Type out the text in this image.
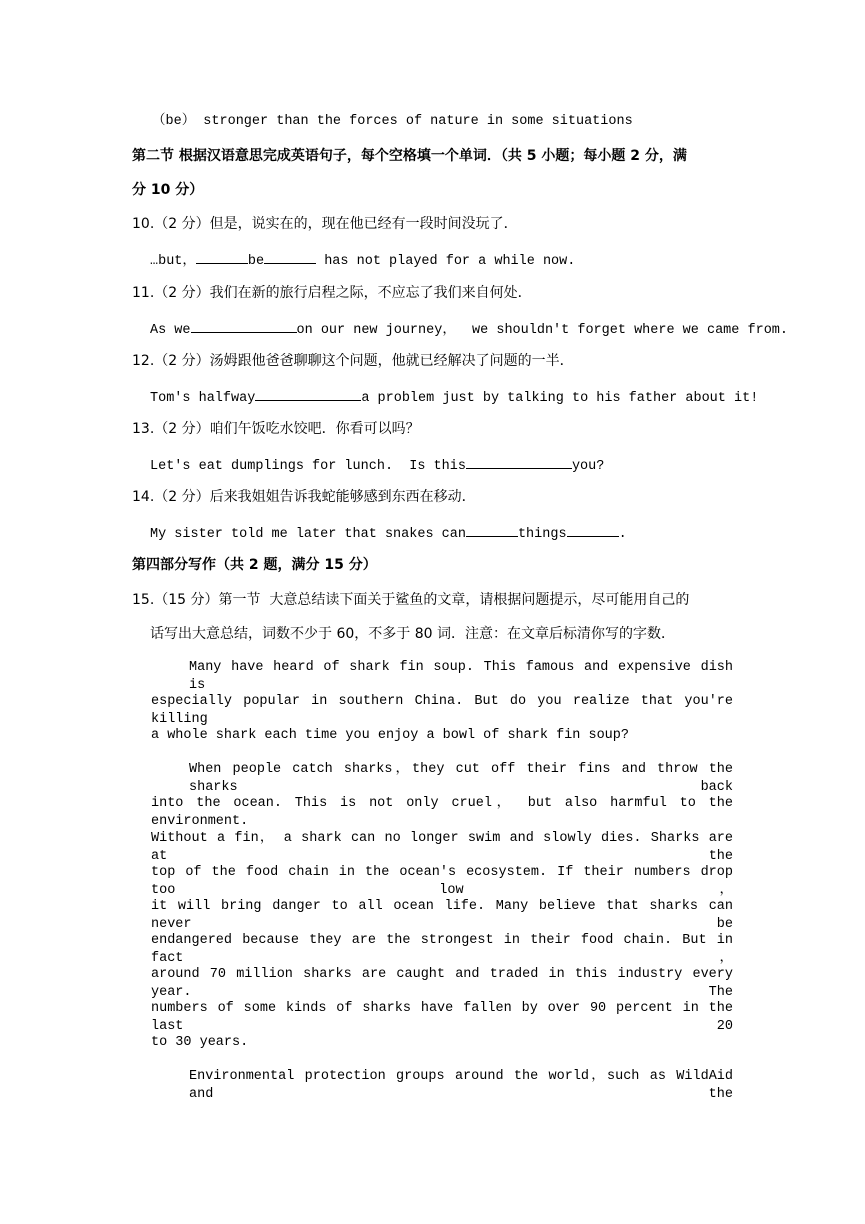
（be） stronger than the forces of nature in some situations
第二节 根据汉语意思完成英语句子，每个空格填一个单词．（共 5 小题；每小题 2 分，满
分 10 分）
10.（2 分）但是，说实在的，现在他已经有一段时间没玩了．
…but，	be	has not played for a while now.
11.（2 分）我们在新的旅行启程之际，不应忘了我们来自何处．
As we	on our new journey，  we shouldn't forget where we came from.
12.（2 分）汤姆跟他爸爸聊聊这个问题，他就已经解决了问题的一半．
Tom's halfway	a problem just by talking to his father about it!
13.（2 分）咱们午饭吃水饺吧．你看可以吗？
Let's eat dumplings for lunch.  Is this	you?
14.（2 分）后来我姐姐告诉我蛇能够感到东西在移动．
My sister told me later that snakes can	things	.
第四部分写作（共 2 题，满分 15 分）
15.（15 分）第一节  大意总结读下面关于鲨鱼的文章，请根据问题提示，尽可能用自己的
话写出大意总结，词数不少于 60，不多于 80 词．注意：在文章后标清你写的字数．
Many have heard of shark fin soup. This famous and expensive dish is
especially popular in southern China. But do you realize that you're killing
a whole shark each time you enjoy a bowl of shark fin soup?
When people catch sharks，they cut off their fins and throw the sharks back
into the ocean. This is not only cruel， but also harmful to the environment.
Without a fin， a shark can no longer swim and slowly dies. Sharks are at the
top of the food chain in the ocean's ecosystem. If their numbers drop too low，
it will bring danger to all ocean life. Many believe that sharks can never be
endangered because they are the strongest in their food chain. But in fact，
around 70 million sharks are caught and traded in this industry every year. The
numbers of some kinds of sharks have fallen by over 90 percent in the last 20
to 30 years.
Environmental protection groups around the world，such as WildAid and the
